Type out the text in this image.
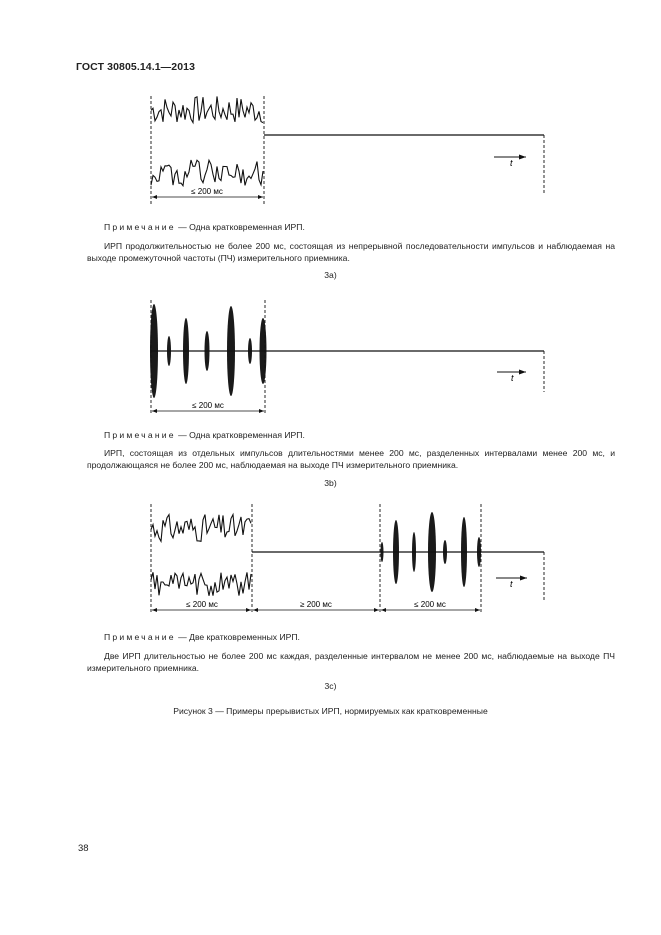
ГОСТ 30805.14.1—2013
t
≤ 200 мс
Примечание — Одна кратковременная ИРП.
ИРП продолжительностью не более 200 мс, состоящая из непрерывной последовательности импульсов и наблюдаемая на выходе промежуточной частоты (ПЧ) измерительного приемника.
3a)
t
≤ 200 мс
Примечание — Одна кратковременная ИРП.
ИРП, состоящая из отдельных импульсов длительностями менее 200 мс, разделенных интервалами менее 200 мс, и продолжающаяся не более 200 мс, наблюдаемая на выходе ПЧ измерительного приемника.
3b)
t
≤ 200 мс	≥ 200 мс	≤ 200 мс
Примечание — Две кратковременных ИРП.
Две ИРП длительностью не более 200 мс каждая, разделенные интервалом не менее 200 мс, наблюдаемые на выходе ПЧ измерительного приемника.
3c)
Рисунок 3 — Примеры прерывистых ИРП, нормируемых как кратковременные
38
